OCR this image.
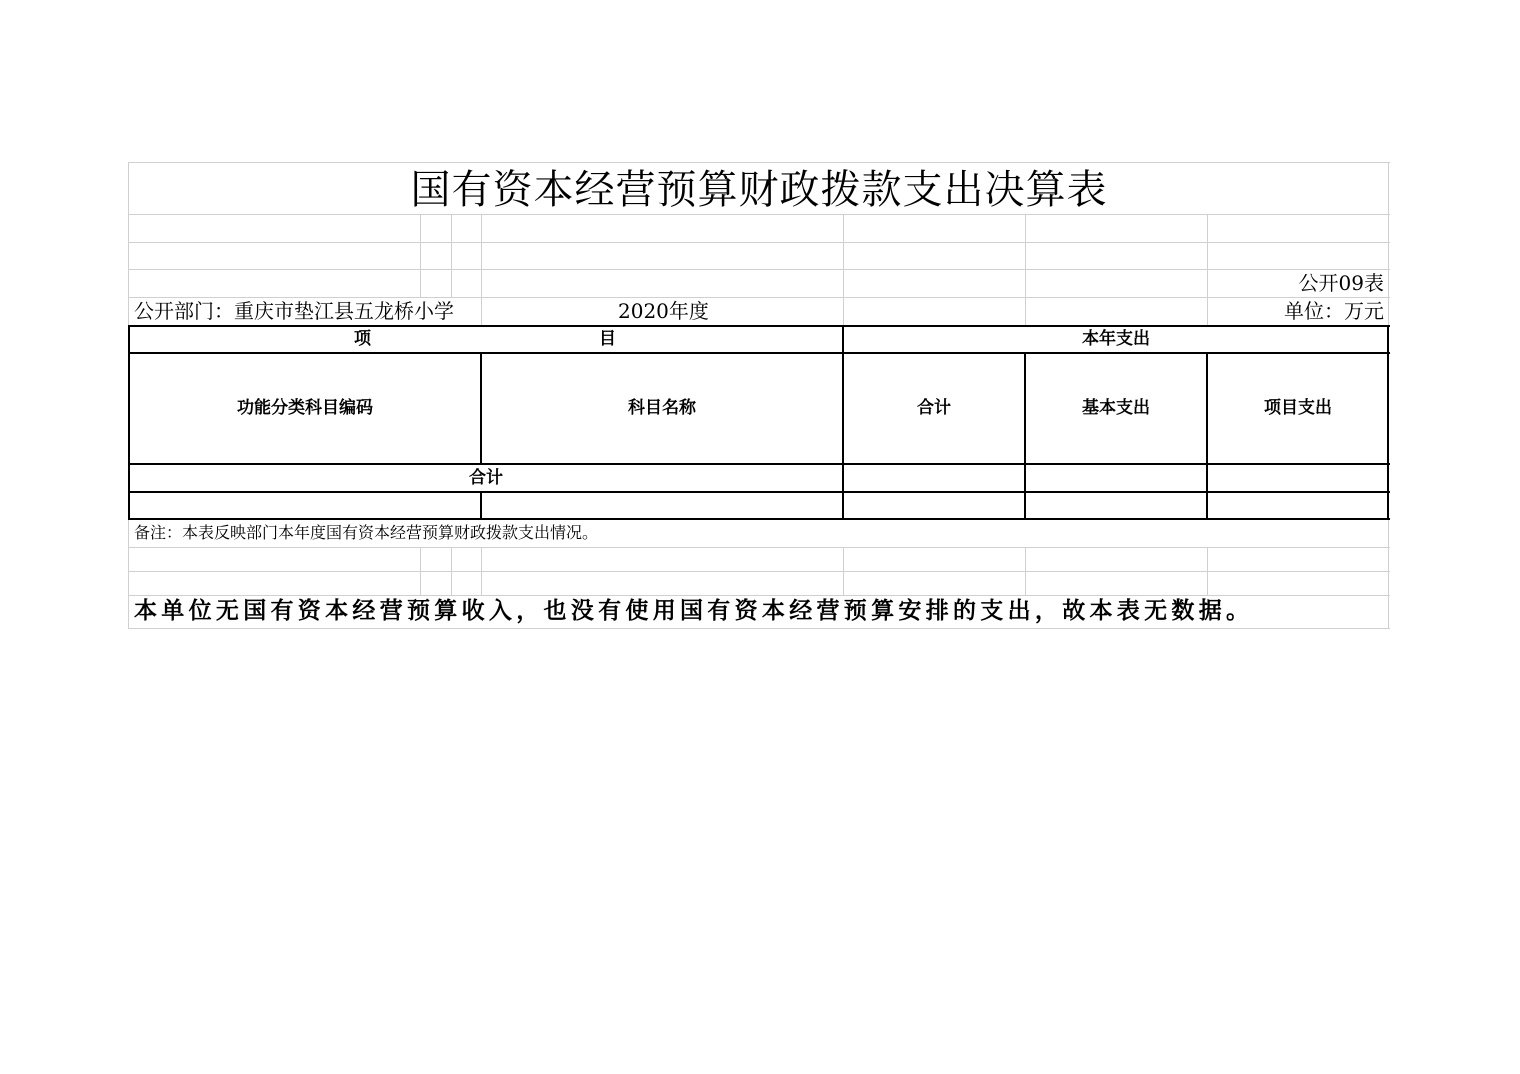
国有资本经营预算财政拨款支出决算表
公开09表
公开部门：重庆市垫江县五龙桥小学	2020年度	单位：万元
项	目	本年支出
功能分类科目编码	科目名称	合计	基本支出	项目支出
合计
备注：本表反映部门本年度国有资本经营预算财政拨款支出情况。
本单位无国有资本经营预算收入，也没有使用国有资本经营预算安排的支出，故本表无数据。
